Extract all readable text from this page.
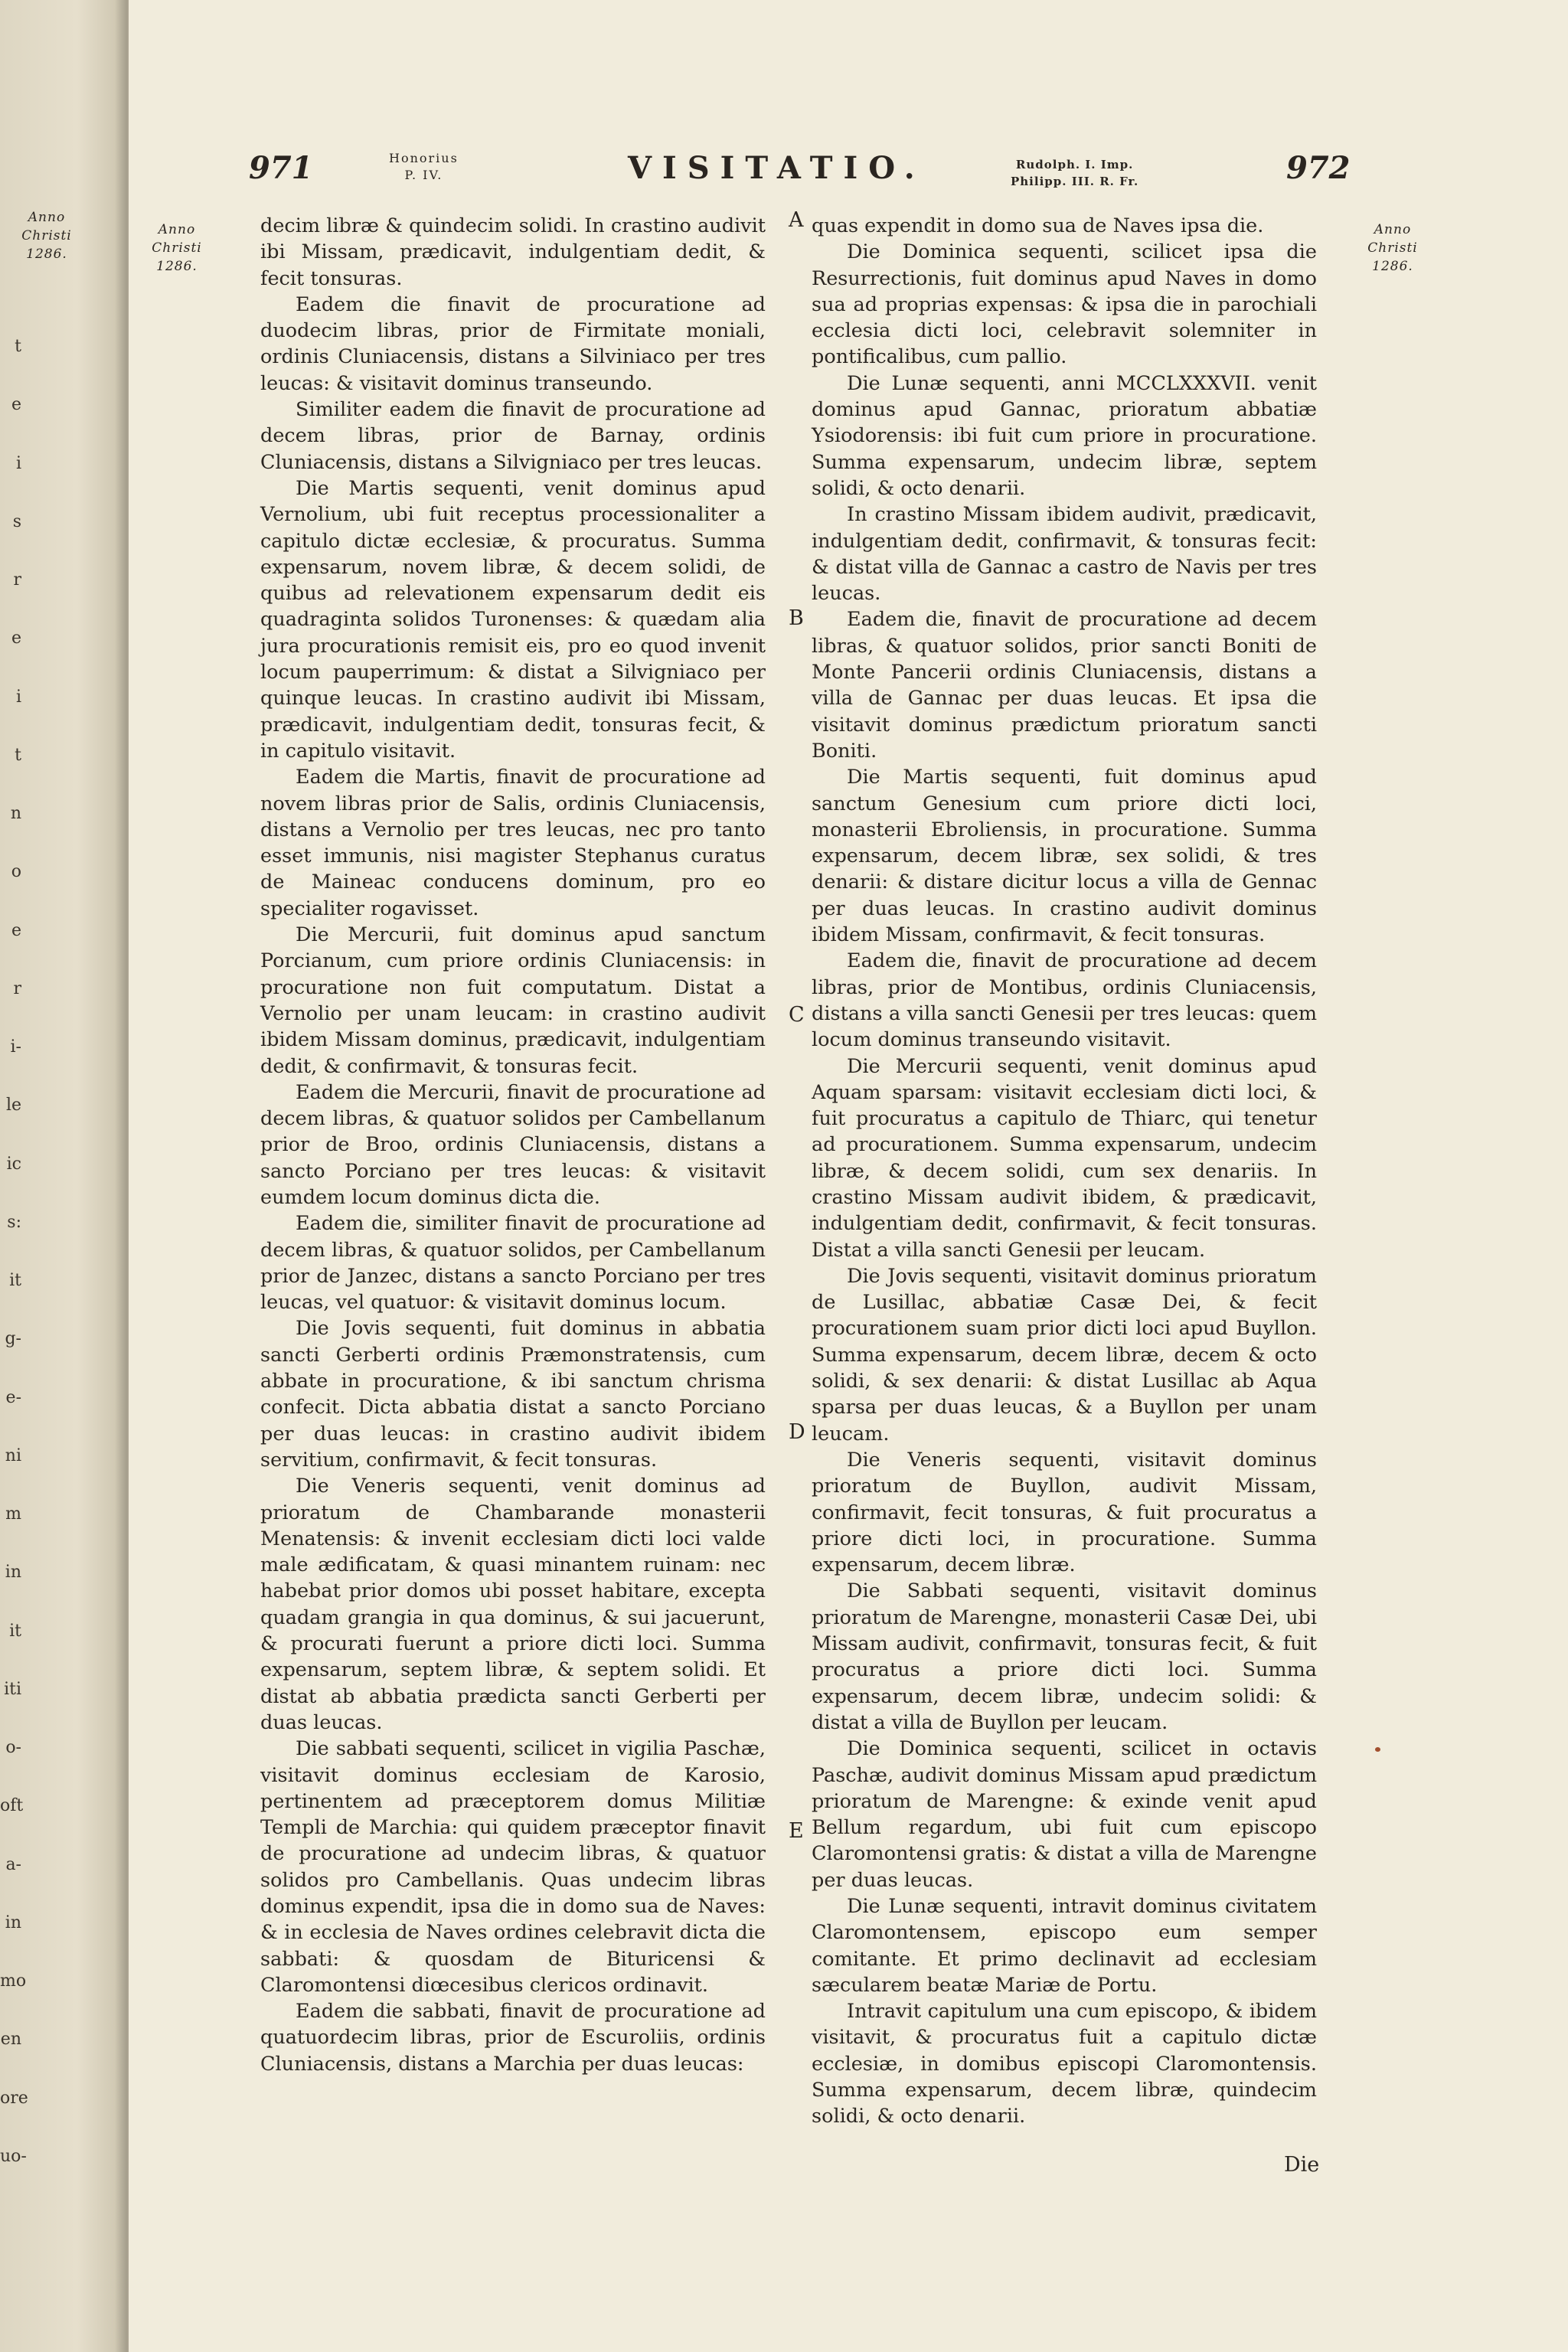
t
e
i
s
r
e
i
t
n
o
e
r
i-
le
ic
s:
it
g-
e-
ni
m
in
it
iti
o-
oft
a-
in
mo
en
ore
uo-
971	Honorius
P. IV.	VISITATIO.	Rudolph. I. Imp.
Philipp. III. R. Fr.	972
Anno
Christi
1286.
Anno
Christi
1286.
Anno
Christi
1286.
A
B
C
D
E

decim libræ & quindecim solidi. In crastino audivit ibi Missam, prædicavit, indulgentiam dedit, & fecit tonsuras.

Eadem die finavit de procuratione ad duodecim libras, prior de Firmitate moniali, ordinis Cluniacensis, distans a Silviniaco per tres leucas: & visitavit dominus transeundo.

Similiter eadem die finavit de procuratione ad decem libras, prior de Barnay, ordinis Cluniacensis, distans a Silvigniaco per tres leucas.

Die Martis sequenti, venit dominus apud Vernolium, ubi fuit receptus processionaliter a capitulo dictæ ecclesiæ, & procuratus. Summa expensarum, novem libræ, & decem solidi, de quibus ad relevationem expensarum dedit eis quadraginta solidos Turonenses: & quædam alia jura procurationis remisit eis, pro eo quod invenit locum pauperrimum: & distat a Silvigniaco per quinque leucas. In crastino audivit ibi Missam, prædicavit, indulgentiam dedit, tonsuras fecit, & in capitulo visitavit.

Eadem die Martis, finavit de procuratione ad novem libras prior de Salis, ordinis Cluniacensis, distans a Vernolio per tres leucas, nec pro tanto esset immunis, nisi magister Stephanus curatus de Maineac conducens dominum, pro eo specialiter rogavisset.

Die Mercurii, fuit dominus apud sanctum Porcianum, cum priore ordinis Cluniacensis: in procuratione non fuit computatum. Distat a Vernolio per unam leucam: in crastino audivit ibidem Missam dominus, prædicavit, indulgentiam dedit, & confirmavit, & tonsuras fecit.

Eadem die Mercurii, finavit de procuratione ad decem libras, & quatuor solidos per Cambellanum prior de Broo, ordinis Cluniacensis, distans a sancto Porciano per tres leucas: & visitavit eumdem locum dominus dicta die.

Eadem die, similiter finavit de procuratione ad decem libras, & quatuor solidos, per Cambellanum prior de Janzec, distans a sancto Porciano per tres leucas, vel quatuor: & visitavit dominus locum.

Die Jovis sequenti, fuit dominus in abbatia sancti Gerberti ordinis Præmonstratensis, cum abbate in procuratione, & ibi sanctum chrisma confecit. Dicta abbatia distat a sancto Porciano per duas leucas: in crastino audivit ibidem servitium, confirmavit, & fecit tonsuras.

Die Veneris sequenti, venit dominus ad prioratum de Chambarande monasterii Menatensis: & invenit ecclesiam dicti loci valde male ædificatam, & quasi minantem ruinam: nec habebat prior domos ubi posset habitare, excepta quadam grangia in qua dominus, & sui jacuerunt, & procurati fuerunt a priore dicti loci. Summa expensarum, septem libræ, & septem solidi. Et distat ab abbatia prædicta sancti Gerberti per duas leucas.

Die sabbati sequenti, scilicet in vigilia Paschæ, visitavit dominus ecclesiam de Karosio, pertinentem ad præceptorem domus Militiæ Templi de Marchia: qui quidem præceptor finavit de procuratione ad undecim libras, & quatuor solidos pro Cambellanis. Quas undecim libras dominus expendit, ipsa die in domo sua de Naves: & in ecclesia de Naves ordines celebravit dicta die sabbati: & quosdam de Bituricensi & Claromontensi diœcesibus clericos ordinavit.

Eadem die sabbati, finavit de procuratione ad quatuordecim libras, prior de Escuroliis, ordinis Cluniacensis, distans a Marchia per duas leucas:

quas expendit in domo sua de Naves ipsa die.

Die Dominica sequenti, scilicet ipsa die Resurrectionis, fuit dominus apud Naves in domo sua ad proprias expensas: & ipsa die in parochiali ecclesia dicti loci, celebravit solemniter in pontificalibus, cum pallio.

Die Lunæ sequenti, anni MCCLXXXVII. venit dominus apud Gannac, prioratum abbatiæ Ysiodorensis: ibi fuit cum priore in procuratione. Summa expensarum, undecim libræ, septem solidi, & octo denarii.

In crastino Missam ibidem audivit, prædicavit, indulgentiam dedit, confirmavit, & tonsuras fecit: & distat villa de Gannac a castro de Navis per tres leucas.

Eadem die, finavit de procuratione ad decem libras, & quatuor solidos, prior sancti Boniti de Monte Pancerii ordinis Cluniacensis, distans a villa de Gannac per duas leucas. Et ipsa die visitavit dominus prædictum prioratum sancti Boniti.

Die Martis sequenti, fuit dominus apud sanctum Genesium cum priore dicti loci, monasterii Ebroliensis, in procuratione. Summa expensarum, decem libræ, sex solidi, & tres denarii: & distare dicitur locus a villa de Gennac per duas leucas. In crastino audivit dominus ibidem Missam, confirmavit, & fecit tonsuras.

Eadem die, finavit de procuratione ad decem libras, prior de Montibus, ordinis Cluniacensis, distans a villa sancti Genesii per tres leucas: quem locum dominus transeundo visitavit.

Die Mercurii sequenti, venit dominus apud Aquam sparsam: visitavit ecclesiam dicti loci, & fuit procuratus a capitulo de Thiarc, qui tenetur ad procurationem. Summa expensarum, undecim libræ, & decem solidi, cum sex denariis. In crastino Missam audivit ibidem, & prædicavit, indulgentiam dedit, confirmavit, & fecit tonsuras. Distat a villa sancti Genesii per leucam.

Die Jovis sequenti, visitavit dominus prioratum de Lusillac, abbatiæ Casæ Dei, & fecit procurationem suam prior dicti loci apud Buyllon. Summa expensarum, decem libræ, decem & octo solidi, & sex denarii: & distat Lusillac ab Aqua sparsa per duas leucas, & a Buyllon per unam leucam.

Die Veneris sequenti, visitavit dominus prioratum de Buyllon, audivit Missam, confirmavit, fecit tonsuras, & fuit procuratus a priore dicti loci, in procuratione. Summa expensarum, decem libræ.

Die Sabbati sequenti, visitavit dominus prioratum de Marengne, monasterii Casæ Dei, ubi Missam audivit, confirmavit, tonsuras fecit, & fuit procuratus a priore dicti loci. Summa expensarum, decem libræ, undecim solidi: & distat a villa de Buyllon per leucam.

Die Dominica sequenti, scilicet in octavis Paschæ, audivit dominus Missam apud prædictum prioratum de Marengne: & exinde venit apud Bellum regardum, ubi fuit cum episcopo Claromontensi gratis: & distat a villa de Marengne per duas leucas.

Die Lunæ sequenti, intravit dominus civitatem Claromontensem, episcopo eum semper comitante. Et primo declinavit ad ecclesiam sæcularem beatæ Mariæ de Portu.

Intravit capitulum una cum episcopo, & ibidem visitavit, & procuratus fuit a capitulo dictæ ecclesiæ, in domibus episcopi Claromontensis. Summa expensarum, decem libræ, quindecim solidi, & octo denarii.

Die
